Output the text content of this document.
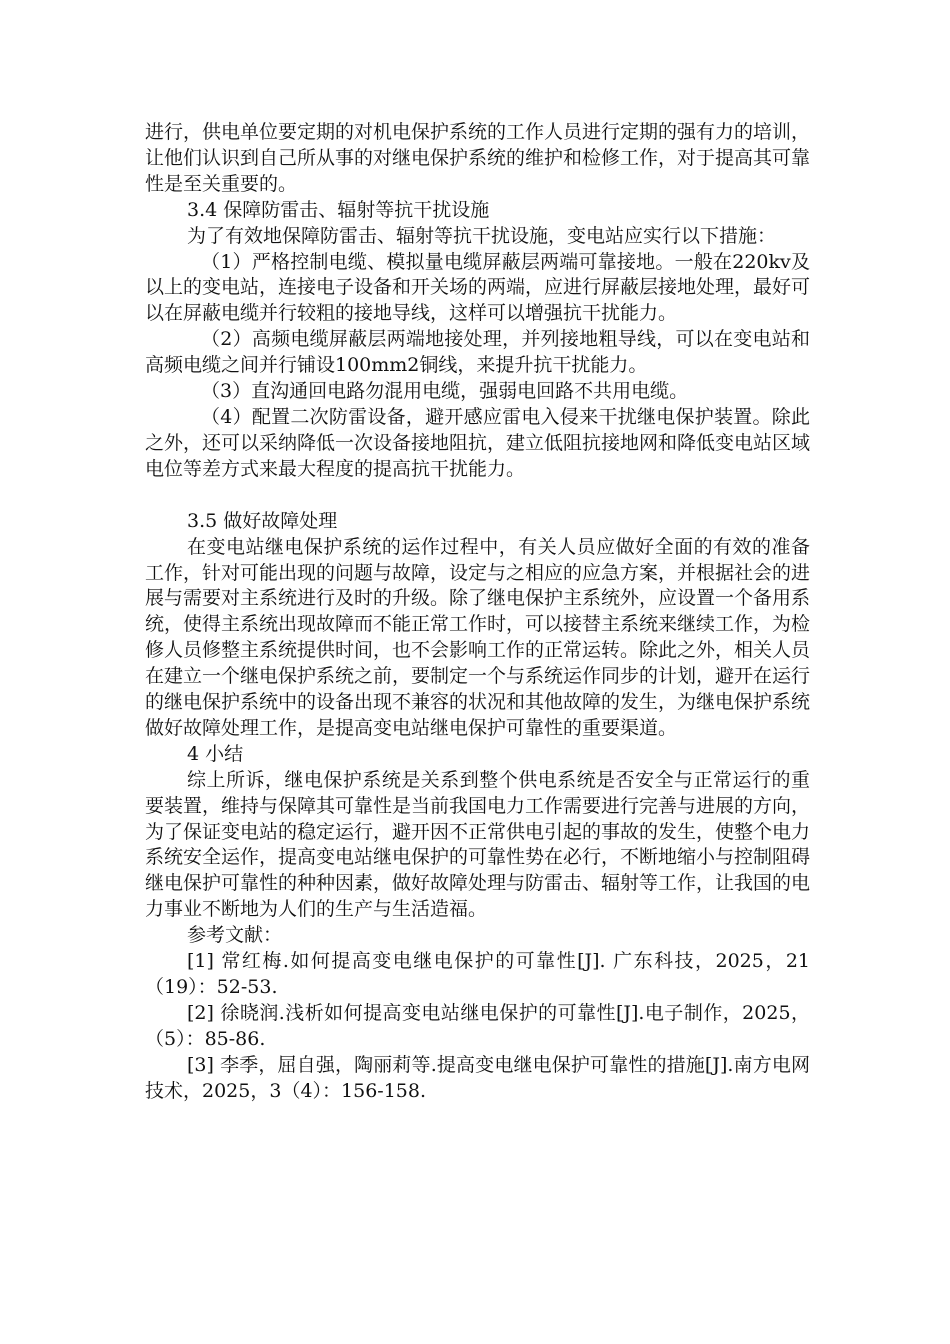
进行，供电单位要定期的对机电保护系统的工作人员进行定期的强有力的培训，让他们认识到自己所从事的对继电保护系统的维护和检修工作，对于提高其可靠性是至关重要的。

3.4 保障防雷击、辐射等抗干扰设施

为了有效地保障防雷击、辐射等抗干扰设施，变电站应实行以下措施：

（1）严格控制电缆、模拟量电缆屏蔽层两端可靠接地。一般在220kv及以上的变电站，连接电子设备和开关场的两端，应进行屏蔽层接地处理，最好可以在屏蔽电缆并行较粗的接地导线，这样可以增强抗干扰能力。

（2）高频电缆屏蔽层两端地接处理，并列接地粗导线，可以在变电站和高频电缆之间并行铺设100mm2铜线，来提升抗干扰能力。

（3）直沟通回电路勿混用电缆，强弱电回路不共用电缆。

（4）配置二次防雷设备，避开感应雷电入侵来干扰继电保护装置。除此之外，还可以采纳降低一次设备接地阻抗，建立低阻抗接地网和降低变电站区域电位等差方式来最大程度的提高抗干扰能力。

3.5 做好故障处理

在变电站继电保护系统的运作过程中，有关人员应做好全面的有效的准备工作，针对可能出现的问题与故障，设定与之相应的应急方案，并根据社会的进展与需要对主系统进行及时的升级。除了继电保护主系统外，应设置一个备用系统，使得主系统出现故障而不能正常工作时，可以接替主系统来继续工作，为检修人员修整主系统提供时间，也不会影响工作的正常运转。除此之外，相关人员在建立一个继电保护系统之前，要制定一个与系统运作同步的计划，避开在运行的继电保护系统中的设备出现不兼容的状况和其他故障的发生，为继电保护系统做好故障处理工作，是提高变电站继电保护可靠性的重要渠道。

4 小结

综上所诉，继电保护系统是关系到整个供电系统是否安全与正常运行的重要装置，维持与保障其可靠性是当前我国电力工作需要进行完善与进展的方向，为了保证变电站的稳定运行，避开因不正常供电引起的事故的发生，使整个电力系统安全运作，提高变电站继电保护的可靠性势在必行，不断地缩小与控制阻碍继电保护可靠性的种种因素，做好故障处理与防雷击、辐射等工作，让我国的电力事业不断地为人们的生产与生活造福。

参考文献：

[1] 常红梅.如何提高变电继电保护的可靠性[J]. 广东科技，2025，21（19）：52-53.

[2] 徐晓润.浅析如何提高变电站继电保护的可靠性[J].电子制作，2025，（5）：85-86.

[3] 李季，屈自强，陶丽莉等.提高变电继电保护可靠性的措施[J].南方电网技术，2025，3（4）：156-158.
